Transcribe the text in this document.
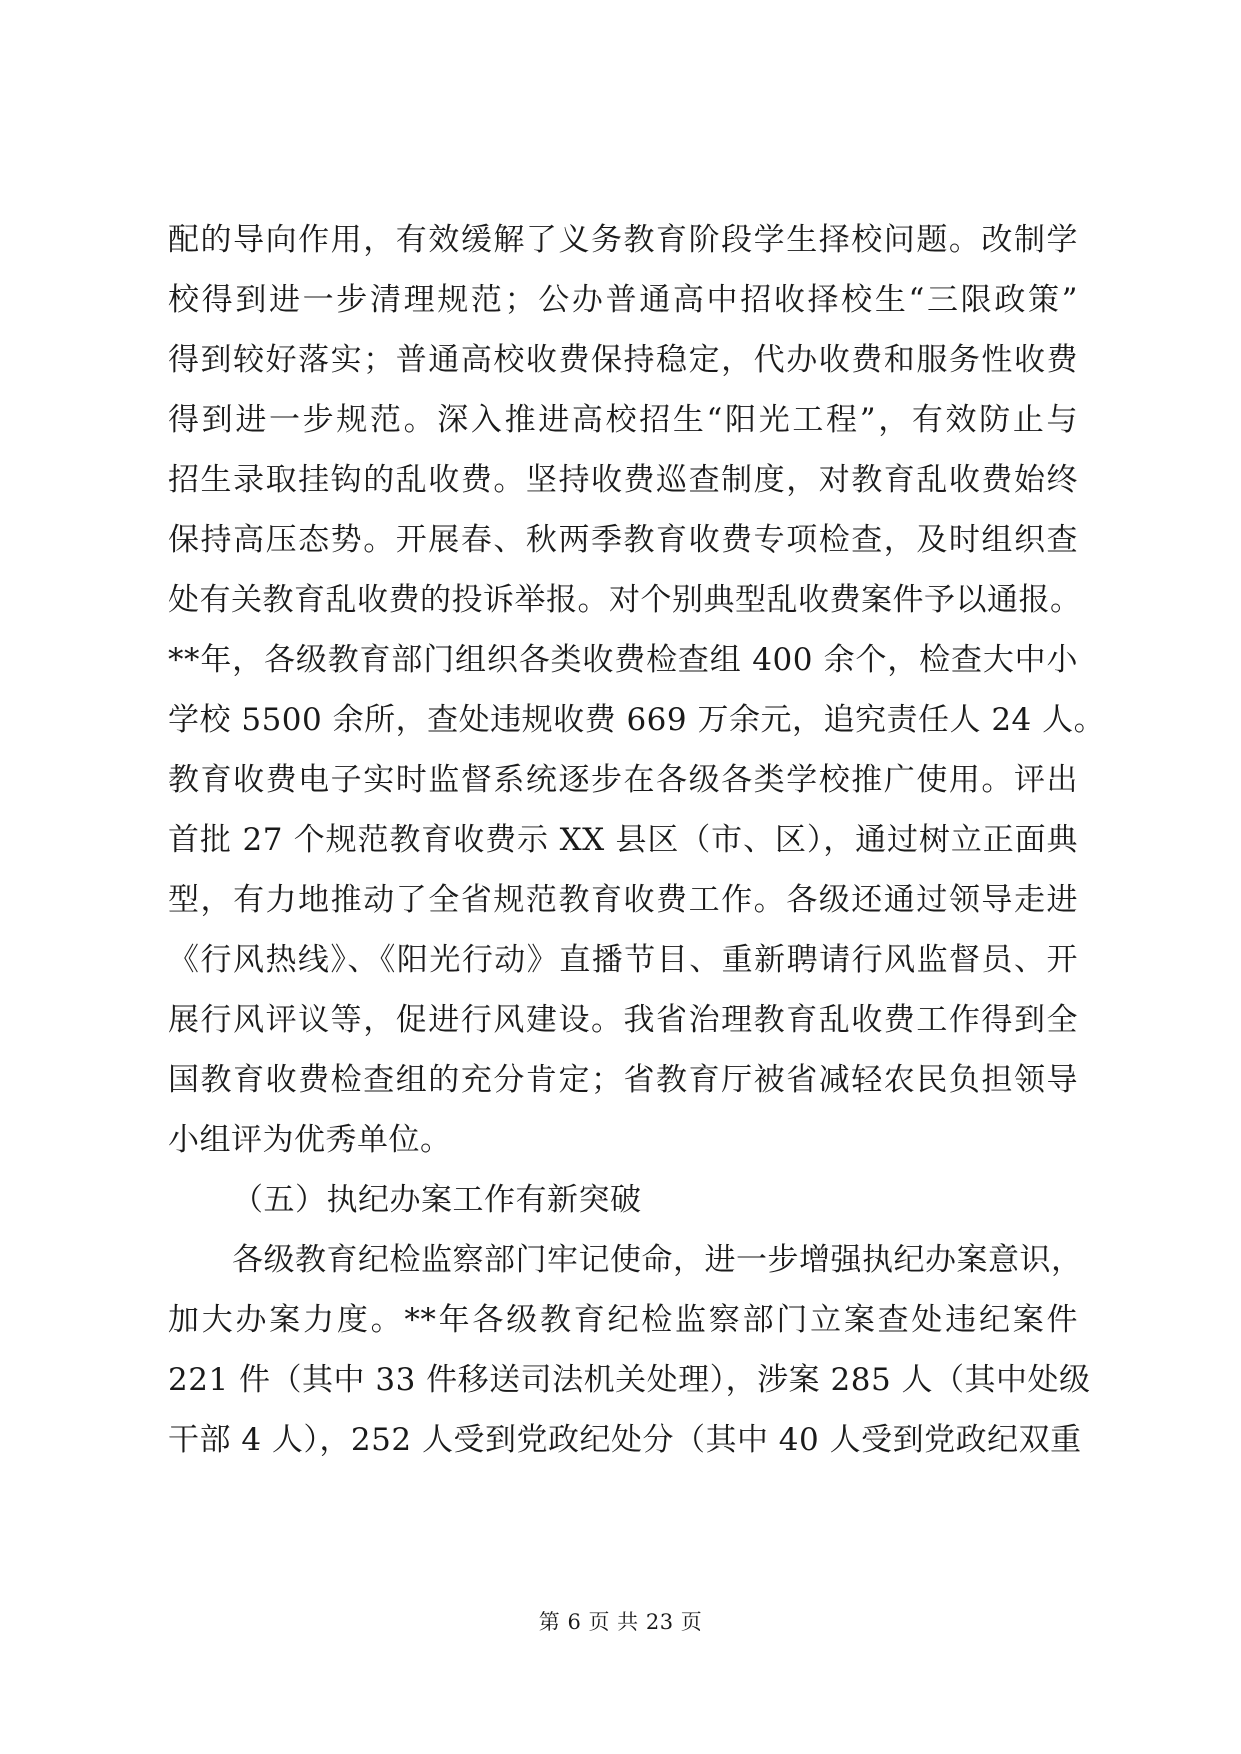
配的导向作用，有效缓解了义务教育阶段学生择校问题。改制学
校得到进一步清理规范；公办普通高中招收择校生“三限政策”
得到较好落实；普通高校收费保持稳定，代办收费和服务性收费
得到进一步规范。深入推进高校招生“阳光工程”，有效防止与
招生录取挂钩的乱收费。坚持收费巡查制度，对教育乱收费始终
保持高压态势。开展春、秋两季教育收费专项检查，及时组织查
处有关教育乱收费的投诉举报。对个别典型乱收费案件予以通报。
**年，各级教育部门组织各类收费检查组 400 余个，检查大中小
学校 5500 余所，查处违规收费 669 万余元，追究责任人 24 人。
教育收费电子实时监督系统逐步在各级各类学校推广使用。评出
首批 27 个规范教育收费示 XX 县区（市、区），通过树立正面典
型，有力地推动了全省规范教育收费工作。各级还通过领导走进
《行风热线》、《阳光行动》直播节目、重新聘请行风监督员、开
展行风评议等，促进行风建设。我省治理教育乱收费工作得到全
国教育收费检查组的充分肯定；省教育厅被省减轻农民负担领导
小组评为优秀单位。
（五）执纪办案工作有新突破
各级教育纪检监察部门牢记使命，进一步增强执纪办案意识，
加大办案力度。**年各级教育纪检监察部门立案查处违纪案件
221 件（其中 33 件移送司法机关处理），涉案 285 人（其中处级
干部 4 人），252 人受到党政纪处分（其中 40 人受到党政纪双重
第 6 页 共 23 页
